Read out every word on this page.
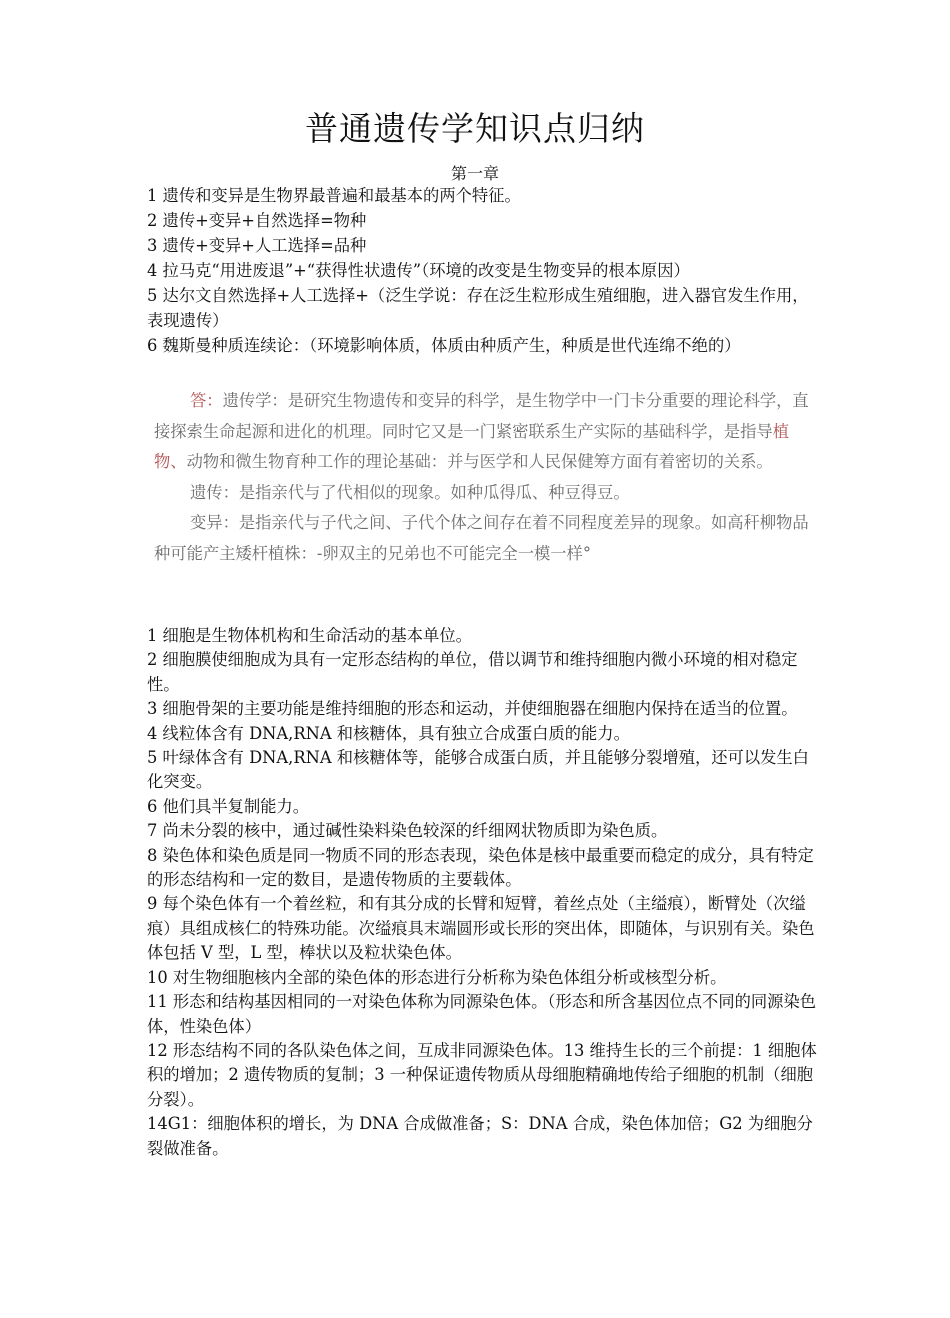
普通遗传学知识点归纳
第一章

1 遗传和变异是生物界最普遍和最基本的两个特征。

2 遗传+变异+自然选择=物种

3 遗传+变异+人工选择=品种

4 拉马克“用进废退”+“获得性状遗传”（环境的改变是生物变异的根本原因）

5 达尔文自然选择+人工选择+（泛生学说：存在泛生粒形成生殖细胞，进入器官发生作用，表现遗传）

6 魏斯曼种质连续论：（环境影响体质，体质由种质产生，种质是世代连绵不绝的）

答：遗传学：是研究生物遗传和变异的科学，是生物学中一门卡分重要的理论科学，直接探索生命起源和进化的机理。同时它又是一门紧密联系生产实际的基础科学，是指导植物、动物和微生物育种工作的理论基础：并与医学和人民保健筹方面有着密切的关系。

遗传：是指亲代与了代相似的现象。如种瓜得瓜、种豆得豆。

变异：是指亲代与子代之间、子代个体之间存在着不同程度差异的现象。如高秆柳物品种可能产主矮杆植株：-卵双主的兄弟也不可能完全一模一样°

1 细胞是生物体机构和生命活动的基本单位。

2 细胞膜使细胞成为具有一定形态结构的单位，借以调节和维持细胞内微小环境的相对稳定性。

3 细胞骨架的主要功能是维持细胞的形态和运动，并使细胞器在细胞内保持在适当的位置。

4 线粒体含有 DNA,RNA 和核糖体，具有独立合成蛋白质的能力。

5 叶绿体含有 DNA,RNA 和核糖体等，能够合成蛋白质，并且能够分裂增殖，还可以发生白化突变。

6 他们具半复制能力。

7 尚未分裂的核中，通过碱性染料染色较深的纤细网状物质即为染色质。

8 染色体和染色质是同一物质不同的形态表现，染色体是核中最重要而稳定的成分，具有特定的形态结构和一定的数目，是遗传物质的主要载体。

9 每个染色体有一个着丝粒，和有其分成的长臂和短臂，着丝点处（主缢痕），断臂处（次缢痕）具组成核仁的特殊功能。次缢痕具末端圆形或长形的突出体，即随体，与识别有关。染色体包括 V 型，L 型，棒状以及粒状染色体。

10 对生物细胞核内全部的染色体的形态进行分析称为染色体组分析或核型分析。

11 形态和结构基因相同的一对染色体称为同源染色体。（形态和所含基因位点不同的同源染色体，性染色体）

12 形态结构不同的各队染色体之间，互成非同源染色体。13 维持生长的三个前提：1 细胞体积的增加；2 遗传物质的复制；3 一种保证遗传物质从母细胞精确地传给子细胞的机制（细胞分裂）。

14G1：细胞体积的增长，为 DNA 合成做准备；S：DNA 合成，染色体加倍；G2 为细胞分裂做准备。
